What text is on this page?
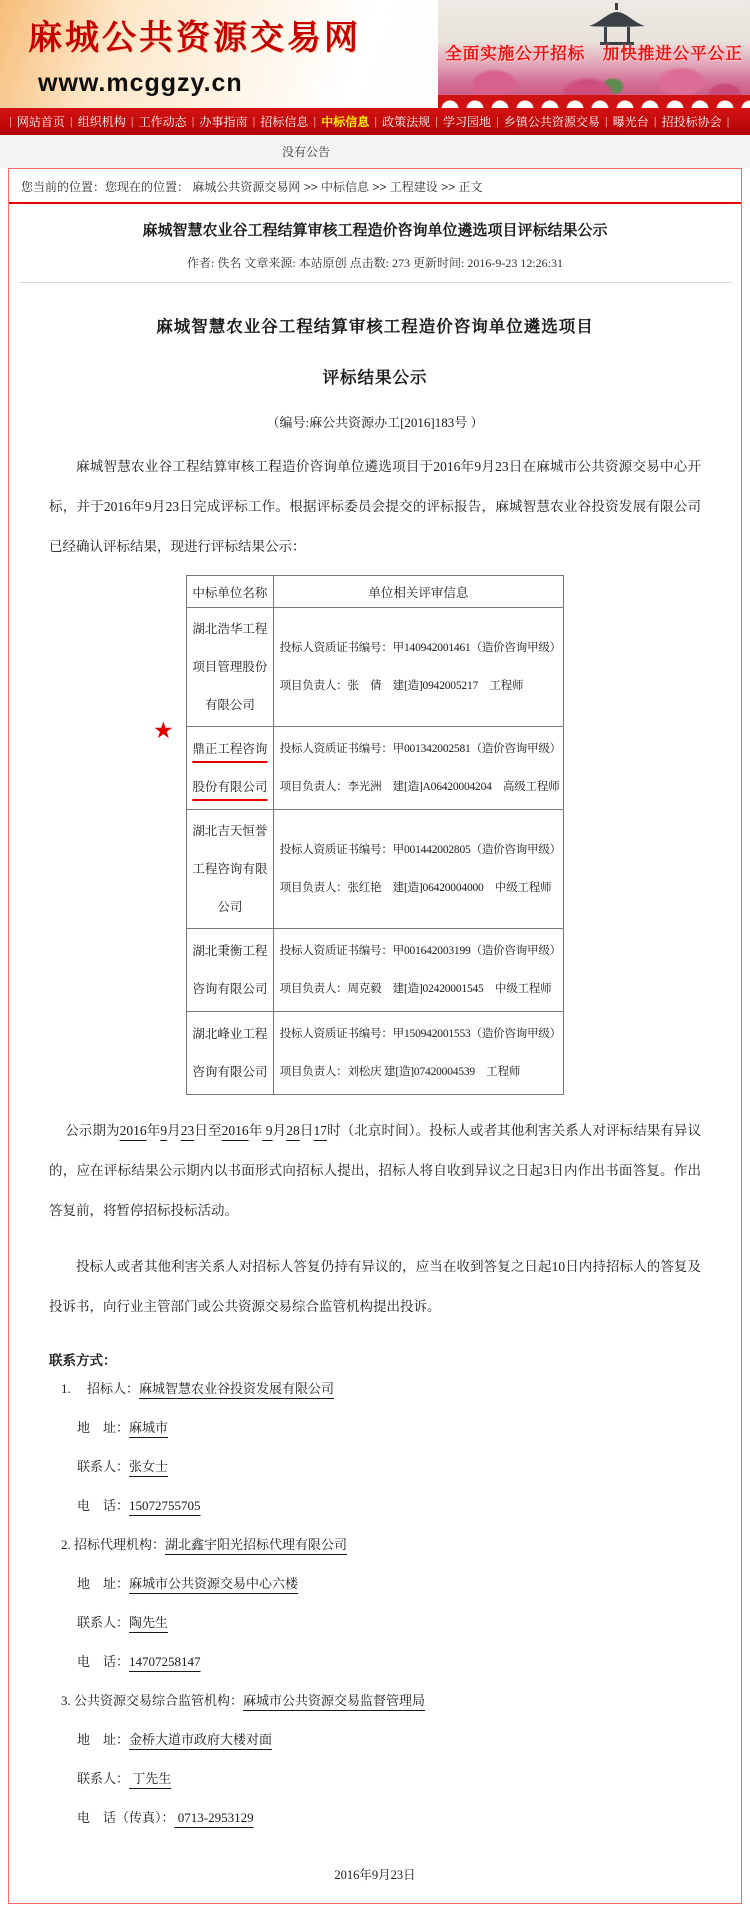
麻城公共资源交易网
www.mcggzy.cn
全面实施公开招标　加快推进公平公正
| 网站首页 | 组织机构 | 工作动态 | 办事指南 | 招标信息 | 中标信息 | 政策法规 | 学习园地 | 乡镇公共资源交易 | 曝光台 | 招投标协会 |
没有公告
您当前的位置：您现在的位置： 麻城公共资源交易网 >> 中标信息 >> 工程建设 >> 正文
麻城智慧农业谷工程结算审核工程造价咨询单位遴选项目评标结果公示
作者: 佚名 文章来源: 本站原创 点击数: 273 更新时间: 2016-9-23 12:26:31
麻城智慧农业谷工程结算审核工程造价咨询单位遴选项目
评标结果公示
（编号:麻公共资源办工[2016]183号 ）

麻城智慧农业谷工程结算审核工程造价咨询单位遴选项目于2016年9月23日在麻城市公共资源交易中心开标，并于2016年9月23日完成评标工作。根据评标委员会提交的评标报告，麻城智慧农业谷投资发展有限公司已经确认评标结果，现进行评标结果公示：

★
中标单位名称	单位相关评审信息
湖北浩华工程项目管理股份有限公司	投标人资质证书编号：甲140942001461（造价咨询甲级）
项目负责人：张　倩　建[造]0942005217　工程师

鼎正工程咨询股份有限公司	投标人资质证书编号：甲001342002581（造价咨询甲级）
项目负责人：李光洲　建[造]A06420004204　高级工程师

湖北吉天恒誉工程咨询有限公司	投标人资质证书编号：甲001442002805（造价咨询甲级）
项目负责人：张红艳　建[造]06420004000　中级工程师

湖北秉衡工程咨询有限公司	投标人资质证书编号：甲001642003199（造价咨询甲级）
项目负责人：周克毅　建[造]02420001545　中级工程师

湖北峰业工程咨询有限公司	投标人资质证书编号：甲150942001553（造价咨询甲级）
项目负责人：刘松庆 建[造]07420004539　工程师

公示期为2016年9月23日至2016年 9月28日17时（北京时间）。投标人或者其他利害关系人对评标结果有异议的，应在评标结果公示期内以书面形式向招标人提出，招标人将自收到异议之日起3日内作出书面答复。作出答复前，将暂停招标投标活动。

投标人或者其他利害关系人对招标人答复仍持有异议的，应当在收到答复之日起10日内持招标人的答复及投诉书，向行业主管部门或公共资源交易综合监管机构提出投诉。

联系方式：
1.　 招标人：麻城智慧农业谷投资发展有限公司
地　址：麻城市
联系人：张女士
电　话：15072755705
2. 招标代理机构：湖北鑫宇阳光招标代理有限公司
地　址：麻城市公共资源交易中心六楼
联系人：陶先生
电　话：14707258147
3. 公共资源交易综合监管机构：麻城市公共资源交易监督管理局
地　址：金桥大道市政府大楼对面
联系人： 丁先生
电　话（传真）： 0713-2953129
2016年9月23日
